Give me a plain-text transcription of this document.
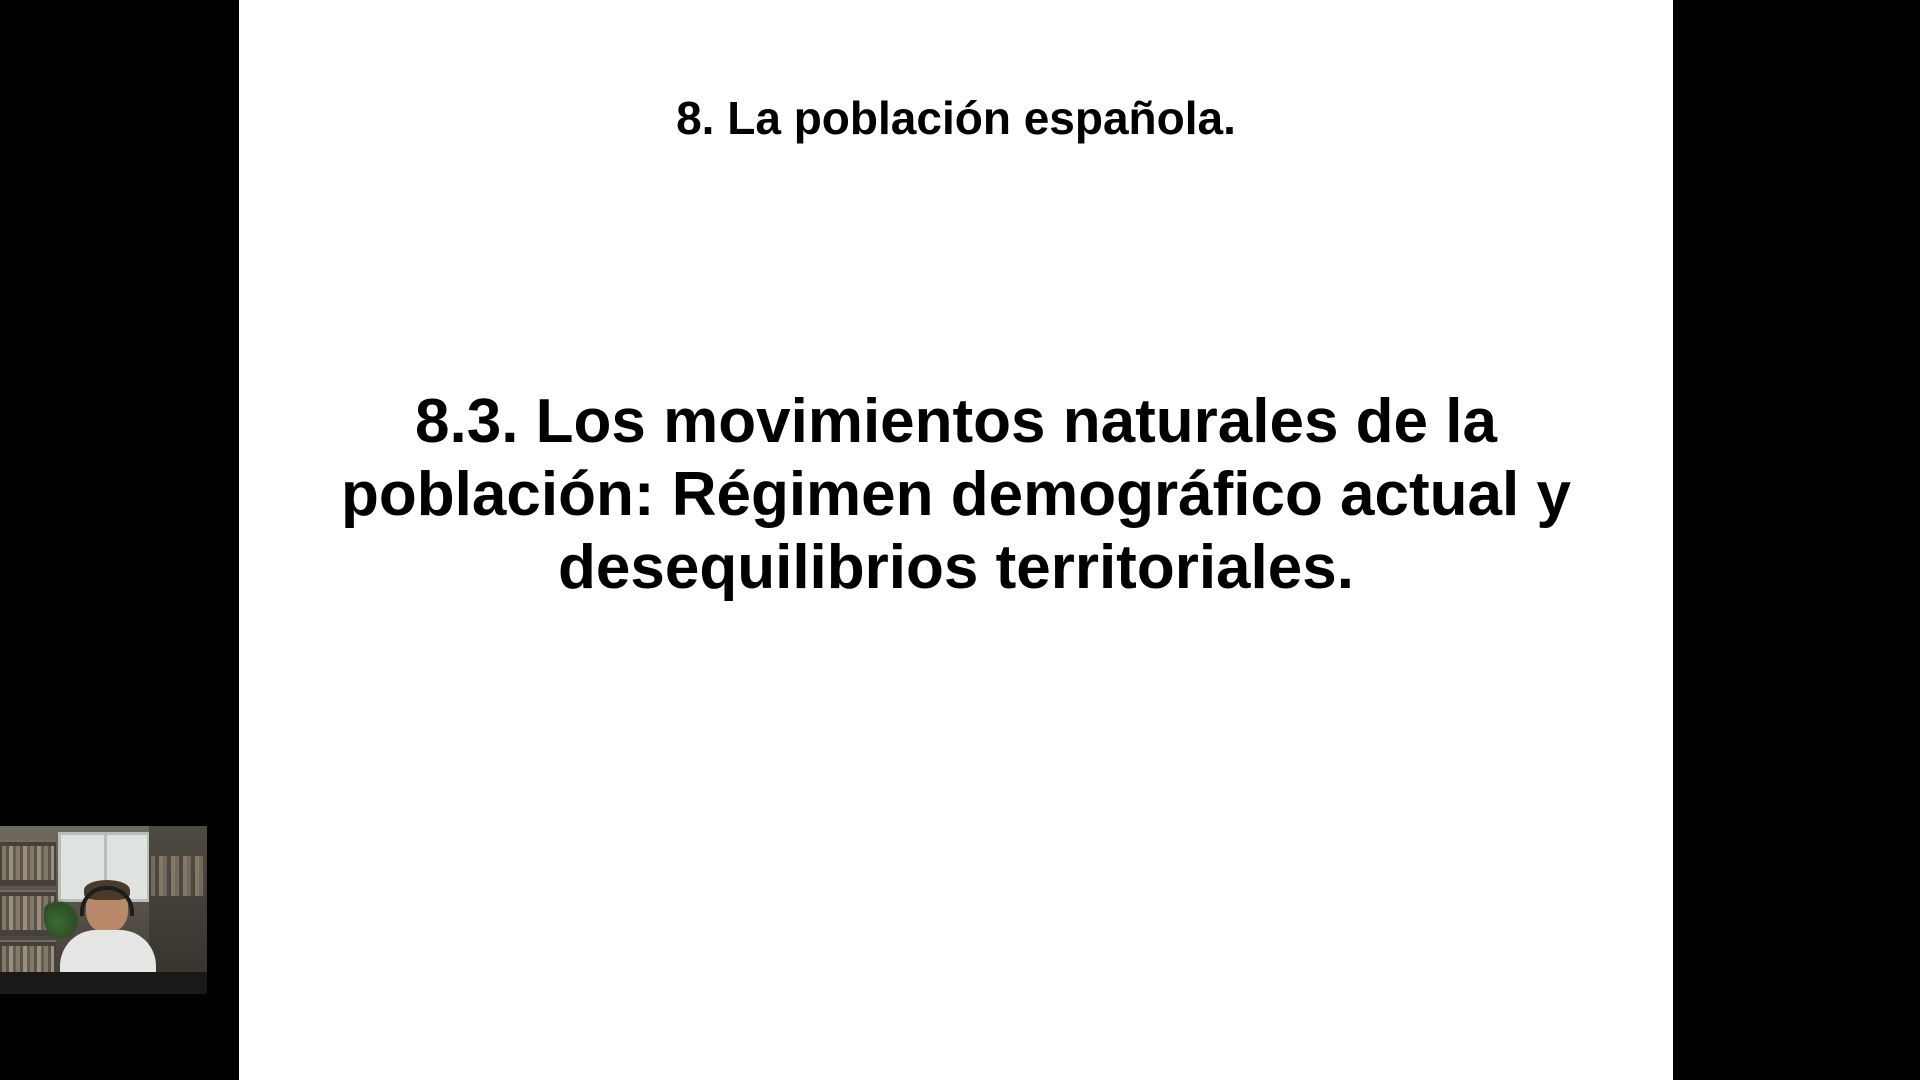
8. La población española.
8.3. Los movimientos naturales de la población: Régimen demográfico actual y desequilibrios territoriales.
